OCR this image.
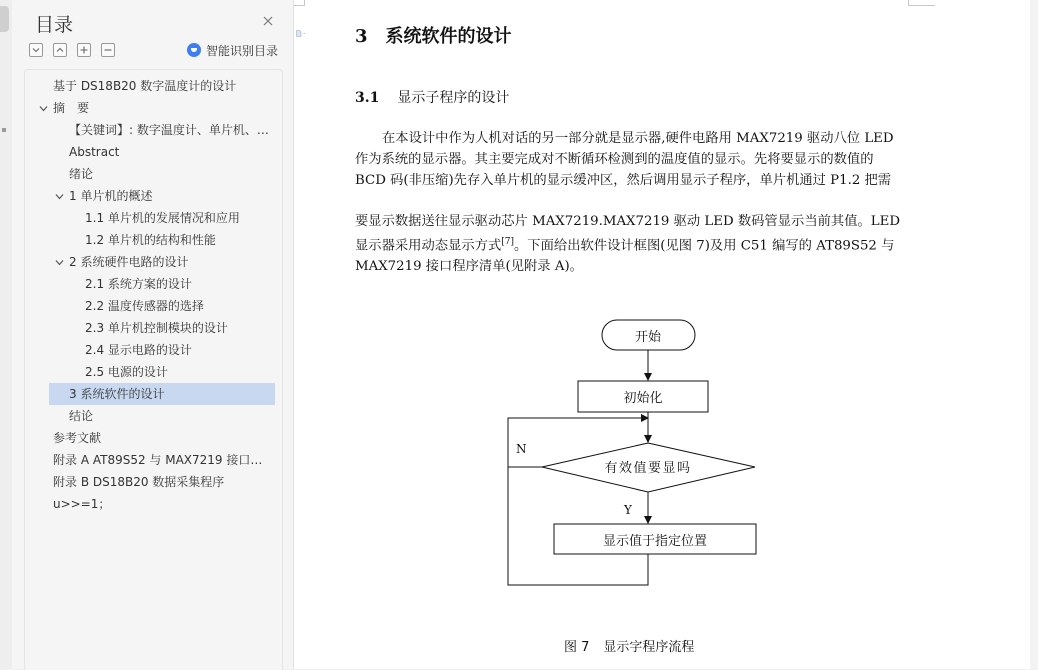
目录
智能识别目录
基于 DS18B20 数字温度计的设计
摘　要
【关键词】: 数字温度计、单片机、…
Abstract
绪论
1 单片机的概述
1.1 单片机的发展情况和应用
1.2 单片机的结构和性能
2 系统硬件电路的设计
2.1 系统方案的设计
2.2 温度传感器的选择
2.3 单片机控制模块的设计
2.4 显示电路的设计
2.5 电源的设计
3 系统软件的设计
结论
参考文献
附录 A AT89S52 与 MAX7219 接口…
附录 B DS18B20 数据采集程序
u>>=1；
3 系统软件的设计
3.1 显示子程序的设计
在本设计中作为人机对话的另一部分就是显示器,硬件电路用 MAX7219 驱动八位 LED
作为系统的显示器。其主要完成对不断循环检测到的温度值的显示。先将要显示的数值的
BCD 码(非压缩)先存入单片机的显示缓冲区，然后调用显示子程序，单片机通过 P1.2 把需
要显示数据送往显示驱动芯片 MAX7219.MAX7219 驱动 LED 数码管显示当前其值。LED
显示器采用动态显示方式[7]。下面给出软件设计框图(见图 7)及用 C51 编写的 AT89S52 与
MAX7219 接口程序清单(见附录 A)。
开始
初始化
有效值要显吗
Y
显示值于指定位置
N
图 7 显示字程序流程
